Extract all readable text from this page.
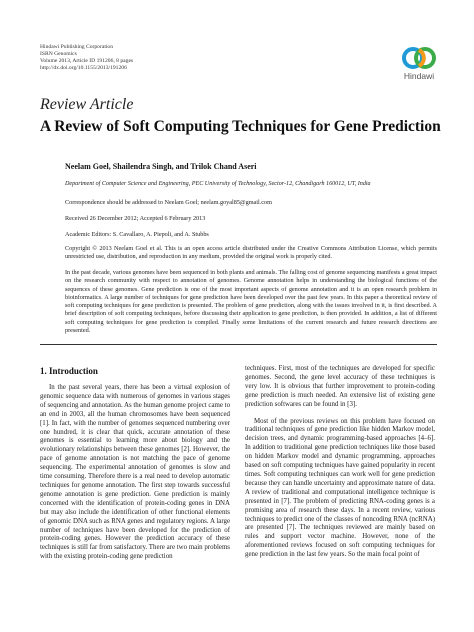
Hindawi Publishing Corporation
ISRN Genomics
Volume 2013, Article ID 191206, 8 pages
http://dx.doi.org/10.1155/2013/191206
Hindawi
Review Article
A Review of Soft Computing Techniques for Gene Prediction
Neelam Goel, Shailendra Singh, and Trilok Chand Aseri
Department of Computer Science and Engineering, PEC University of Technology, Sector-12, Chandigarh 160012, UT, India
Correspondence should be addressed to Neelam Goel; neelam.goyal85@gmail.com
Received 26 December 2012; Accepted 6 February 2013
Academic Editors: S. Cavallaro, A. Piepoli, and A. Stubbs
Copyright © 2013 Neelam Goel et al. This is an open access article distributed under the Creative Commons Attribution License, which permits unrestricted use, distribution, and reproduction in any medium, provided the original work is properly cited.
In the past decade, various genomes have been sequenced in both plants and animals. The falling cost of genome sequencing manifests a great impact on the research community with respect to annotation of genomes. Genome annotation helps in understanding the biological functions of the sequences of these genomes. Gene prediction is one of the most important aspects of genome annotation and it is an open research problem in bioinformatics. A large number of techniques for gene prediction have been developed over the past few years. In this paper a theoretical review of soft computing techniques for gene prediction is presented. The problem of gene prediction, along with the issues involved in it, is first described. A brief description of soft computing techniques, before discussing their application to gene prediction, is then provided. In addition, a list of different soft computing techniques for gene prediction is compiled. Finally some limitations of the current research and future research directions are presented.
1. Introduction

In the past several years, there has been a virtual explosion of genomic sequence data with numerous of genomes in various stages of sequencing and annotation. As the human genome project came to an end in 2003, all the human chromosomes have been sequenced [1]. In fact, with the number of genomes sequenced numbering over one hundred, it is clear that quick, accurate annotation of these genomes is essential to learning more about biology and the evolutionary relationships between these genomes [2]. However, the pace of genome annotation is not matching the pace of genome sequencing. The experimental annotation of genomes is slow and time consuming. Therefore there is a real need to develop automatic techniques for genome annotation. The first step towards successful genome annotation is gene prediction. Gene prediction is mainly concerned with the identification of protein-coding genes in DNA but may also include the identification of other functional elements of genomic DNA such as RNA genes and regulatory regions. A large number of techniques have been developed for the prediction of protein-coding genes. However the prediction accuracy of these techniques is still far from satisfactory. There are two main problems with the existing protein-coding gene prediction

techniques. First, most of the techniques are developed for specific genomes. Second, the gene level accuracy of these techniques is very low. It is obvious that further improvement to protein-coding gene prediction is much needed. An extensive list of existing gene prediction softwares can be found in [3].

Most of the previous reviews on this problem have focused on traditional techniques of gene prediction like hidden Markov model, decision trees, and dynamic programming-based approaches [4–6]. In addition to traditional gene prediction techniques like those based on hidden Markov model and dynamic programming, approaches based on soft computing techniques have gained popularity in recent times. Soft computing techniques can work well for gene prediction because they can handle uncertainty and approximate nature of data. A review of traditional and computational intelligence technique is presented in [7]. The problem of predicting RNA-coding genes is a promising area of research these days. In a recent review, various techniques to predict one of the classes of noncoding RNA (ncRNA) are presented [7]. The techniques reviewed are mainly based on rules and support vector machine. However, none of the aforementioned reviews focused on soft computing techniques for gene prediction in the last few years. So the main focal point of
